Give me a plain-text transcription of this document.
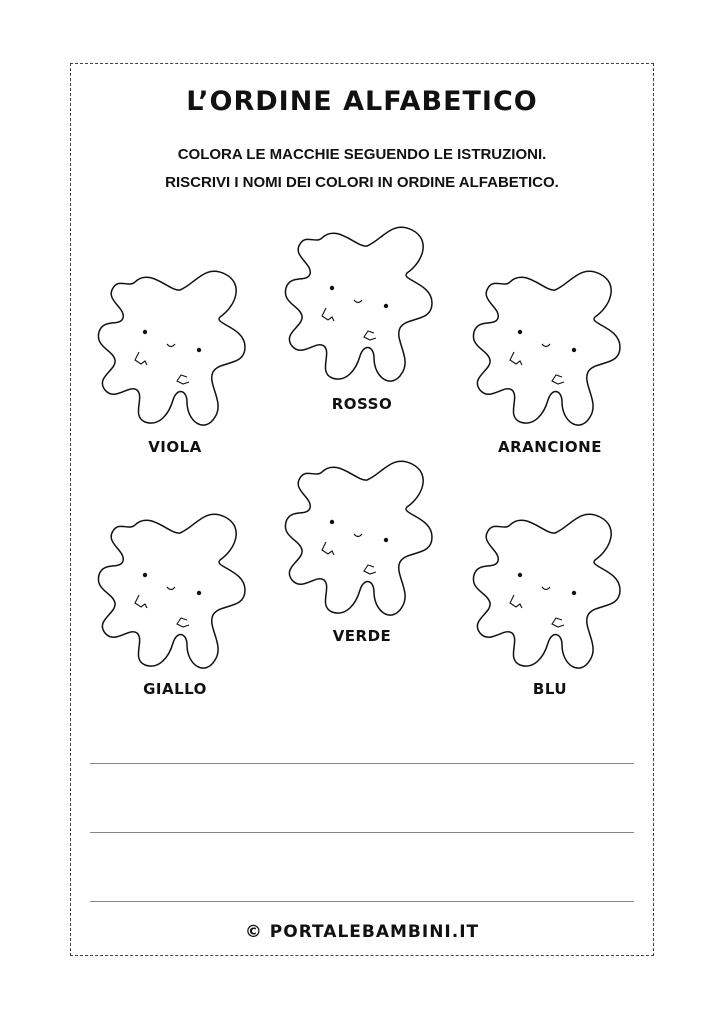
L’ORDINE ALFABETICO
COLORA LE MACCHIE SEGUENDO LE ISTRUZIONI.
RISCRIVI I NOMI DEI COLORI IN ORDINE ALFABETICO.
VIOLA
ROSSO
ARANCIONE
GIALLO
VERDE
BLU
© PORTALEBAMBINI.IT
